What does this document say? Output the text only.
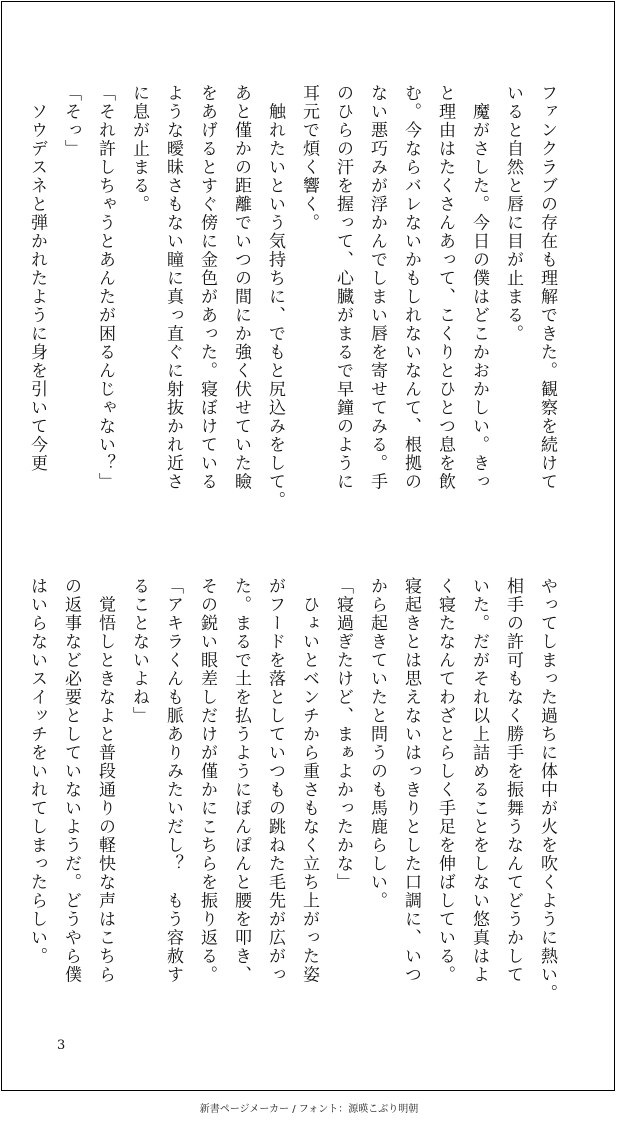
ファンクラブの存在も理解できた。観察を続けて

いると自然と唇に目が止まる。

　魔がさした。今日の僕はどこかおかしい。きっ

と理由はたくさんあって、こくりとひとつ息を飲

む。今ならバレないかもしれないなんて、根拠の

ない悪巧みが浮かんでしまい唇を寄せてみる。手

のひらの汗を握って、心臓がまるで早鐘のように

耳元で煩く響く。

　触れたいという気持ちに、でもと尻込みをして。

あと僅かの距離でいつの間にか強く伏せていた瞼

をあげるとすぐ傍に金色があった。寝ぼけている

ような曖昧さもない瞳に真っ直ぐに射抜かれ近さ

に息が止まる。

「それ許しちゃうとあんたが困るんじゃない？」

「そっ」

　ソウデスネと弾かれたように身を引いて今更

やってしまった過ちに体中が火を吹くように熱い。

相手の許可もなく勝手を振舞うなんてどうかして

いた。だがそれ以上詰めることをしない悠真はよ

く寝たなんてわざとらしく手足を伸ばしている。

寝起きとは思えないはっきりとした口調に、いつ

から起きていたと問うのも馬鹿らしい。

「寝過ぎたけど、まぁよかったかな」

　ひょいとベンチから重さもなく立ち上がった姿

がフードを落としていつもの跳ねた毛先が広がっ

た。まるで土を払うようにぽんぽんと腰を叩き、

その鋭い眼差しだけが僅かにこちらを振り返る。

「アキラくんも脈ありみたいだし？　もう容赦す

ることないよね」

　覚悟しときなよと普段通りの軽快な声はこちら

の返事など必要としていないようだ。どうやら僕

はいらないスイッチをいれてしまったらしい。

3
新書ページメーカー / フォント：源暎こぶり明朝
